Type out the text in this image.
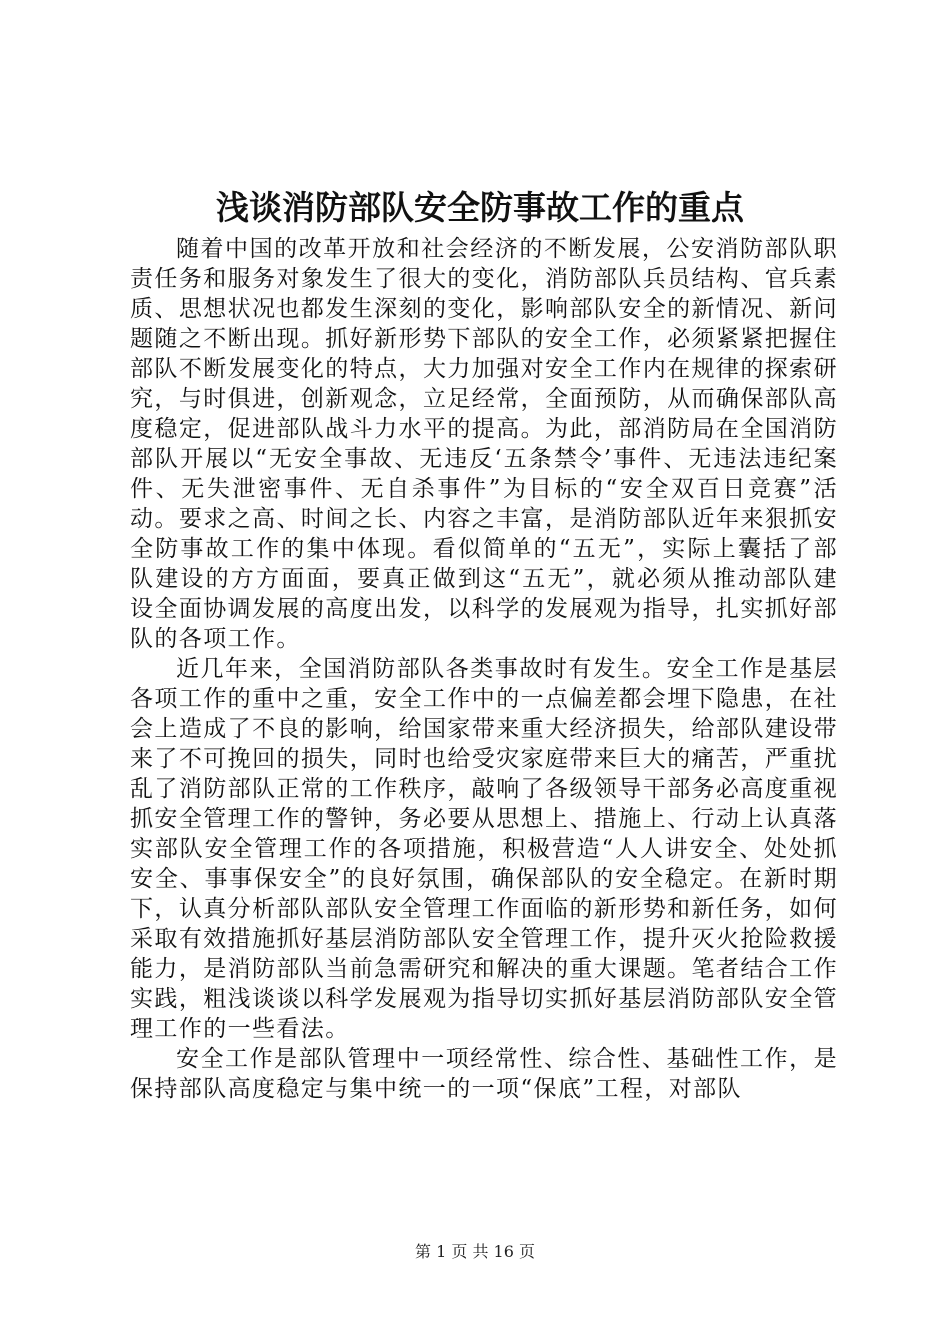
浅谈消防部队安全防事故工作的重点

随着中国的改革开放和社会经济的不断发展，公安消防部队职责任务和服务对象发生了很大的变化，消防部队兵员结构、官兵素质、思想状况也都发生深刻的变化，影响部队安全的新情况、新问题随之不断出现。抓好新形势下部队的安全工作，必须紧紧把握住部队不断发展变化的特点，大力加强对安全工作内在规律的探索研究，与时俱进，创新观念，立足经常，全面预防，从而确保部队高度稳定，促进部队战斗力水平的提高。为此，部消防局在全国消防部队开展以“无安全事故、无违反‘五条禁令’事件、无违法违纪案件、无失泄密事件、无自杀事件”为目标的“安全双百日竞赛”活动。要求之高、时间之长、内容之丰富，是消防部队近年来狠抓安全防事故工作的集中体现。看似简单的“五无”，实际上囊括了部队建设的方方面面，要真正做到这“五无”，就必须从推动部队建设全面协调发展的高度出发，以科学的发展观为指导，扎实抓好部队的各项工作。

近几年来，全国消防部队各类事故时有发生。安全工作是基层各项工作的重中之重，安全工作中的一点偏差都会埋下隐患，在社会上造成了不良的影响，给国家带来重大经济损失，给部队建设带来了不可挽回的损失，同时也给受灾家庭带来巨大的痛苦，严重扰乱了消防部队正常的工作秩序，敲响了各级领导干部务必高度重视抓安全管理工作的警钟，务必要从思想上、措施上、行动上认真落实部队安全管理工作的各项措施，积极营造“人人讲安全、处处抓安全、事事保安全”的良好氛围，确保部队的安全稳定。在新时期下，认真分析部队部队安全管理工作面临的新形势和新任务，如何采取有效措施抓好基层消防部队安全管理工作，提升灭火抢险救援能力，是消防部队当前急需研究和解决的重大课题。笔者结合工作实践，粗浅谈谈以科学发展观为指导切实抓好基层消防部队安全管理工作的一些看法。

安全工作是部队管理中一项经常性、综合性、基础性工作，是保持部队高度稳定与集中统一的一项“保底”工程，对部队

第 1 页 共 16 页
